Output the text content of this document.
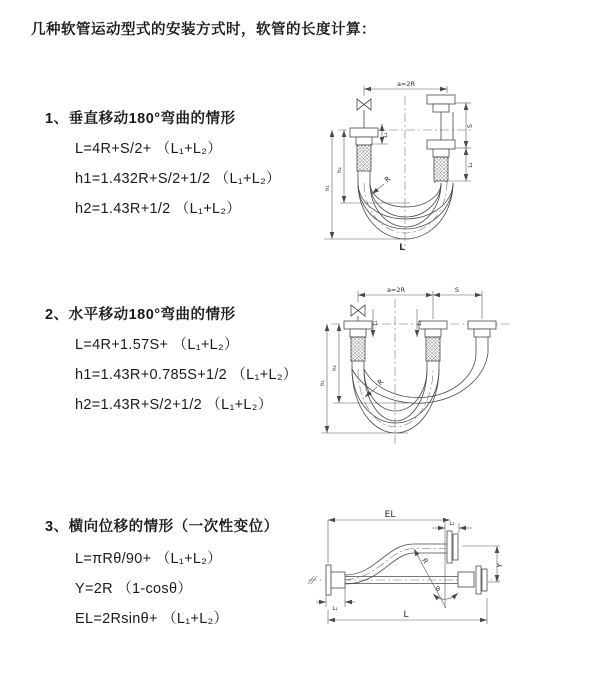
几种软管运动型式的安装方式时，软管的长度计算：
1、垂直移动180°弯曲的情形
L=4R+S/2+ （L₁+L₂）
h1=1.432R+S/2+1/2 （L₁+L₂）
h2=1.43R+1/2 （L₁+L₂）
2、水平移动180°弯曲的情形
L=4R+1.57S+ （L₁+L₂）
h1=1.43R+0.785S+1/2 （L₁+L₂）
h2=1.43R+S/2+1/2 （L₁+L₂）
3、横向位移的情形（一次性变位）
L=πRθ/90+ （L₁+L₂）
Y=2R （1-cosθ）
EL=2Rsinθ+ （L₁+L₂）
a=2R
h₁
h₂
L₁
S
L₂
R
L
a=2R	S
h₁
h₂
L₁	L₂
R
EL
L₂
R
θ
Y
L₁
L
